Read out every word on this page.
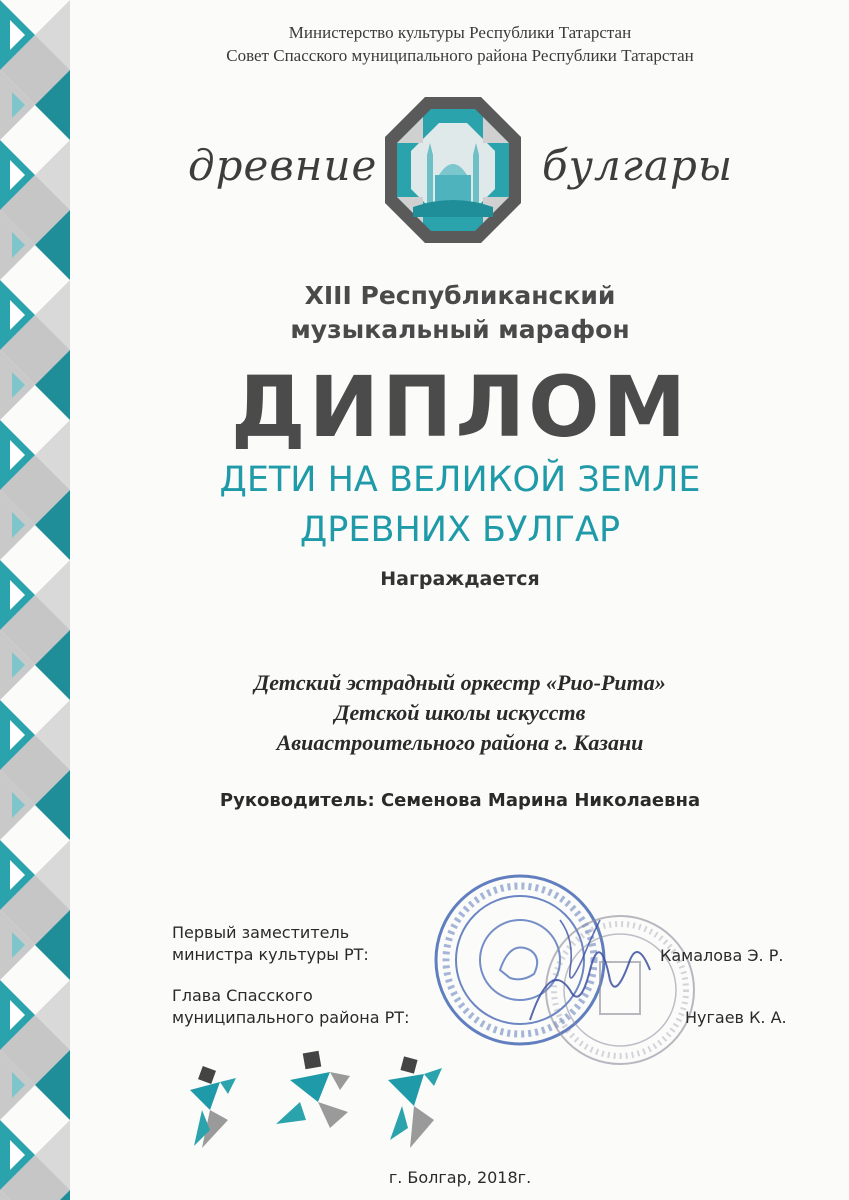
Министерство культуры Республики Татарстан
Совет Спасского муниципального района Республики Татарстан
древние	булгары
XIII Республиканский
музыкальный марафон
ДИПЛОМ
ДЕТИ НА ВЕЛИКОЙ ЗЕМЛЕ
ДРЕВНИХ БУЛГАР
Награждается
Детский эстрадный оркестр «Рио-Рита»
Детской школы искусств
Авиастроительного района г. Казани
Руководитель: Семенова Марина Николаевна
Первый заместитель
министра культуры РТ:	Камалова Э. Р.
Глава Спасского
муниципального района РТ:	Нугаев К. А.
г. Болгар, 2018г.
